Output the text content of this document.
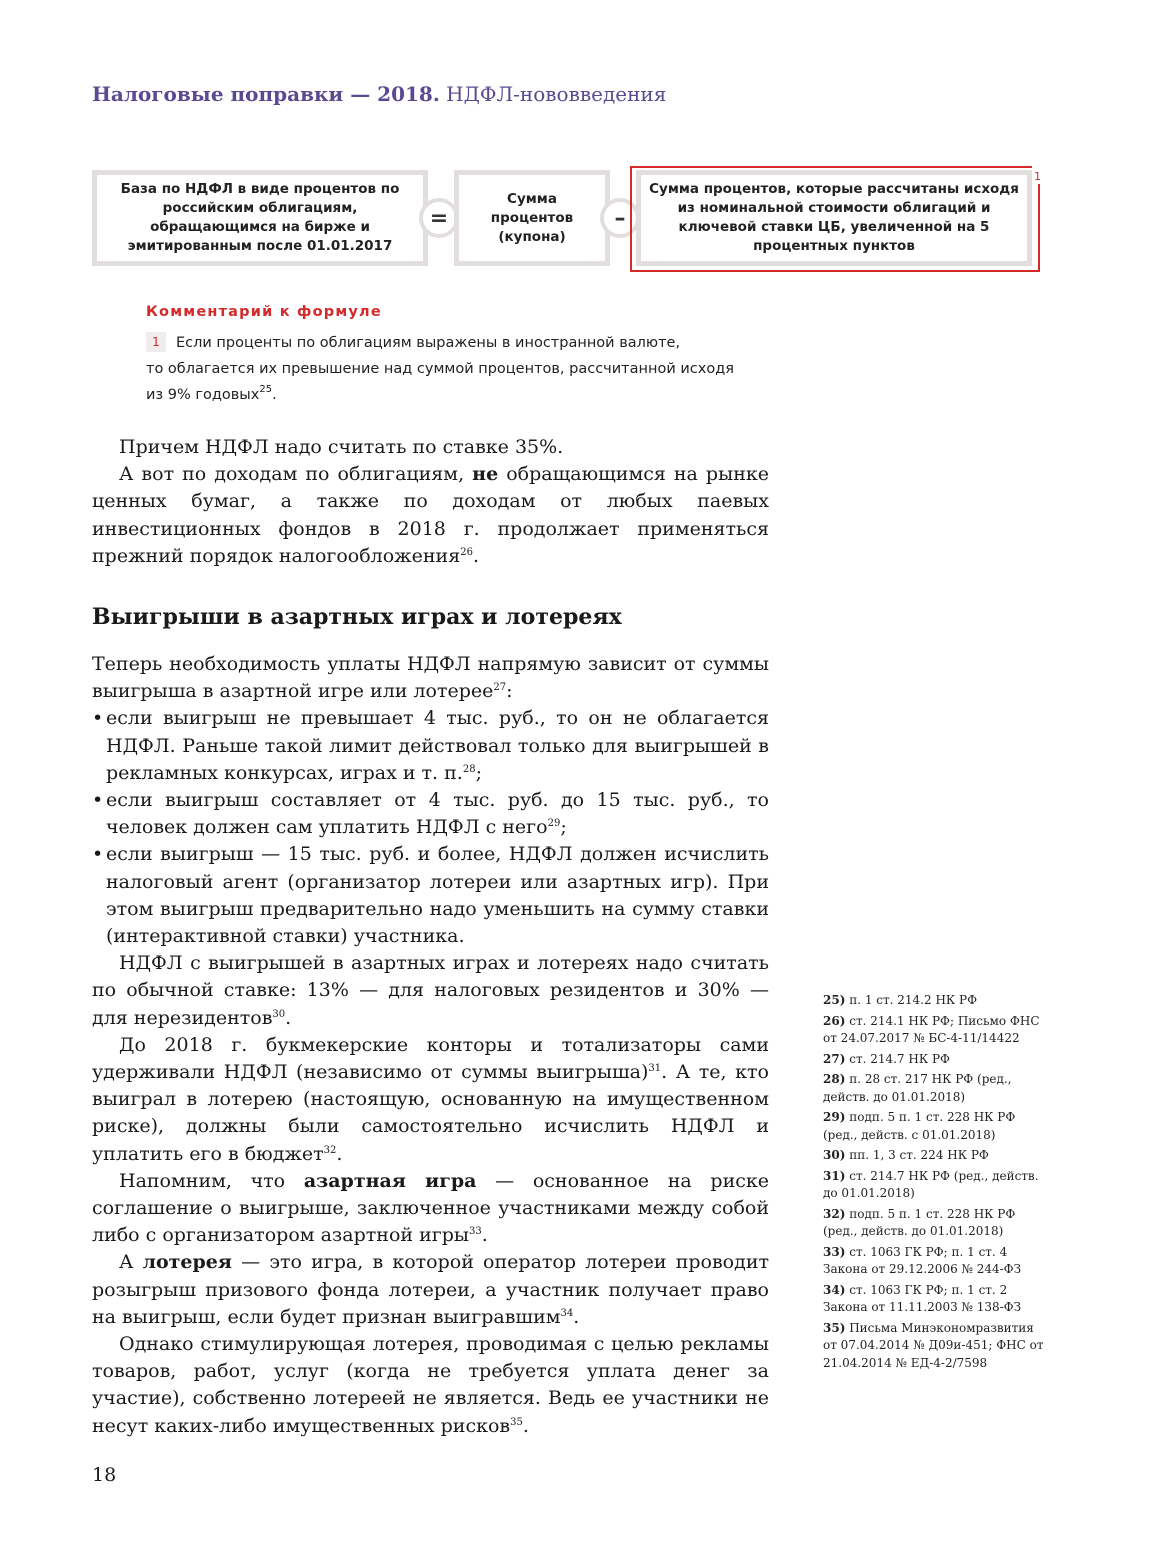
Налоговые поправки — 2018. НДФЛ-нововведения
База по НДФЛ в виде процентов по российским облигациям, обращающимся на бирже и эмитированным после 01.01.2017
=
Сумма процентов (купона)
–
1
Сумма процентов, которые рассчитаны исходя из номинальной стоимости облигаций и ключевой ставки ЦБ, увеличенной на 5 процентных пунктов
Комментарий к формуле
1 Если проценты по облигациям выражены в иностранной валюте,
то облагается их превышение над суммой процентов, рассчитанной исходя
из 9% годовых$^{25}$.

Причем НДФЛ надо считать по ставке 35%.

А вот по доходам по облигациям, не обращающимся на рынке ценных бумаг, а также по доходам от любых паевых инвестиционных фондов в 2018 г. продолжает применяться прежний порядок налогообложения$^{26}$.

Выигрыши в азартных играх и лотереях

Теперь необходимость уплаты НДФЛ напрямую зависит от суммы выигрыша в азартной игре или лотерее$^{27}$:

• если выигрыш не превышает 4 тыс. руб., то он не облагается НДФЛ. Раньше такой лимит действовал только для выигрышей в рекламных конкурсах, играх и т. п.$^{28}$;

• если выигрыш составляет от 4 тыс. руб. до 15 тыс. руб., то человек должен сам уплатить НДФЛ с него$^{29}$;

• если выигрыш — 15 тыс. руб. и более, НДФЛ должен исчислить налоговый агент (организатор лотереи или азартных игр). При этом выигрыш предварительно надо уменьшить на сумму ставки (интерактивной ставки) участника.

НДФЛ с выигрышей в азартных играх и лотереях надо считать по обычной ставке: 13% — для налоговых резидентов и 30% — для нерезидентов$^{30}$.

До 2018 г. букмекерские конторы и тотализаторы сами удерживали НДФЛ (независимо от суммы выигрыша)$^{31}$. А те, кто выиграл в лотерею (настоящую, основанную на имущественном риске), должны были самостоятельно исчислить НДФЛ и уплатить его в бюджет$^{32}$.

Напомним, что азартная игра — основанное на риске соглашение о выигрыше, заключенное участниками между собой либо с организатором азартной игры$^{33}$.

А лотерея — это игра, в которой оператор лотереи проводит розыгрыш призового фонда лотереи, а участник получает право на выигрыш, если будет признан выигравшим$^{34}$.

Однако стимулирующая лотерея, проводимая с целью рекламы товаров, работ, услуг (когда не требуется уплата денег за участие), собственно лотереей не является. Ведь ее участники не несут каких-либо имущественных рисков$^{35}$.

25) п. 1 ст. 214.2 НК РФ
26) ст. 214.1 НК РФ; Письмо ФНС от 24.07.2017 № БС-4-11/14422
27) ст. 214.7 НК РФ
28) п. 28 ст. 217 НК РФ (ред., действ. до 01.01.2018)
29) подп. 5 п. 1 ст. 228 НК РФ (ред., действ. с 01.01.2018)
30) пп. 1, 3 ст. 224 НК РФ
31) ст. 214.7 НК РФ (ред., действ. до 01.01.2018)
32) подп. 5 п. 1 ст. 228 НК РФ (ред., действ. до 01.01.2018)
33) ст. 1063 ГК РФ; п. 1 ст. 4 Закона от 29.12.2006 № 244-ФЗ
34) ст. 1063 ГК РФ; п. 1 ст. 2 Закона от 11.11.2003 № 138-ФЗ
35) Письма Минэкономразвития от 07.04.2014 № Д09и-451; ФНС от 21.04.2014 № ЕД-4-2/7598
18
